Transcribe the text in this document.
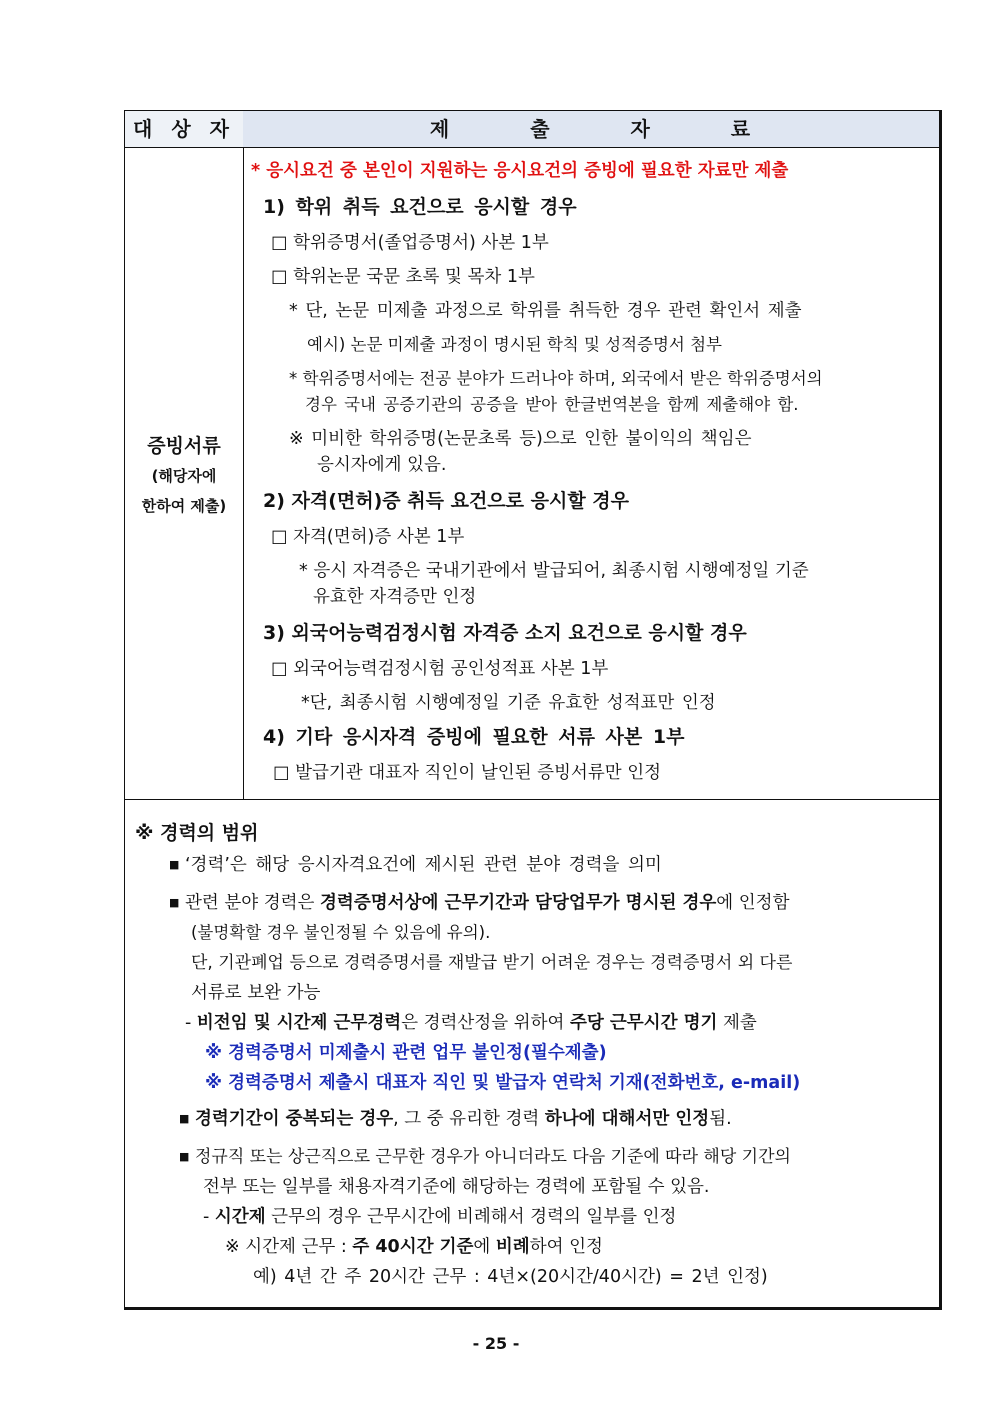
대 상 자	제 출 자 료
증빙서류
(해당자에
한하여 제출)
* 응시요건 중 본인이 지원하는 응시요건의 증빙에 필요한 자료만 제출
1) 학위 취득 요건으로 응시할 경우
□ 학위증명서(졸업증명서) 사본 1부
□ 학위논문 국문 초록 및 목차 1부
* 단, 논문 미제출 과정으로 학위를 취득한 경우 관련 확인서 제출
예시) 논문 미제출 과정이 명시된 학칙 및 성적증명서 첨부
* 학위증명서에는 전공 분야가 드러나야 하며, 외국에서 받은 학위증명서의
경우 국내 공증기관의 공증을 받아 한글번역본을 함께 제출해야 함.
※ 미비한 학위증명(논문초록 등)으로 인한 불이익의 책임은
응시자에게 있음.
2) 자격(면허)증 취득 요건으로 응시할 경우
□ 자격(면허)증 사본 1부
* 응시 자격증은 국내기관에서 발급되어, 최종시험 시행예정일 기준
유효한 자격증만 인정
3) 외국어능력검정시험 자격증 소지 요건으로 응시할 경우
□ 외국어능력검정시험 공인성적표 사본 1부
*단, 최종시험 시행예정일 기준 유효한 성적표만 인정
4) 기타 응시자격 증빙에 필요한 서류 사본 1부
□ 발급기관 대표자 직인이 날인된 증빙서류만 인정
※ 경력의 범위
■ ‘경력’은 해당 응시자격요건에 제시된 관련 분야 경력을 의미
■ 관련 분야 경력은 경력증명서상에 근무기간과 담당업무가 명시된 경우에 인정함
(불명확할 경우 불인정될 수 있음에 유의).
단, 기관폐업 등으로 경력증명서를 재발급 받기 어려운 경우는 경력증명서 외 다른
서류로 보완 가능
- 비전임 및 시간제 근무경력은 경력산정을 위하여 주당 근무시간 명기 제출
※ 경력증명서 미제출시 관련 업무 불인정(필수제출)
※ 경력증명서 제출시 대표자 직인 및 발급자 연락처 기재(전화번호, e-mail)
■ 경력기간이 중복되는 경우, 그 중 유리한 경력 하나에 대해서만 인정됨.
■ 정규직 또는 상근직으로 근무한 경우가 아니더라도 다음 기준에 따라 해당 기간의
전부 또는 일부를 채용자격기준에 해당하는 경력에 포함될 수 있음.
- 시간제 근무의 경우 근무시간에 비례해서 경력의 일부를 인정
※ 시간제 근무 : 주 40시간 기준에 비례하여 인정
예) 4년 간 주 20시간 근무 : 4년×(20시간/40시간) = 2년 인정)
- 25 -
